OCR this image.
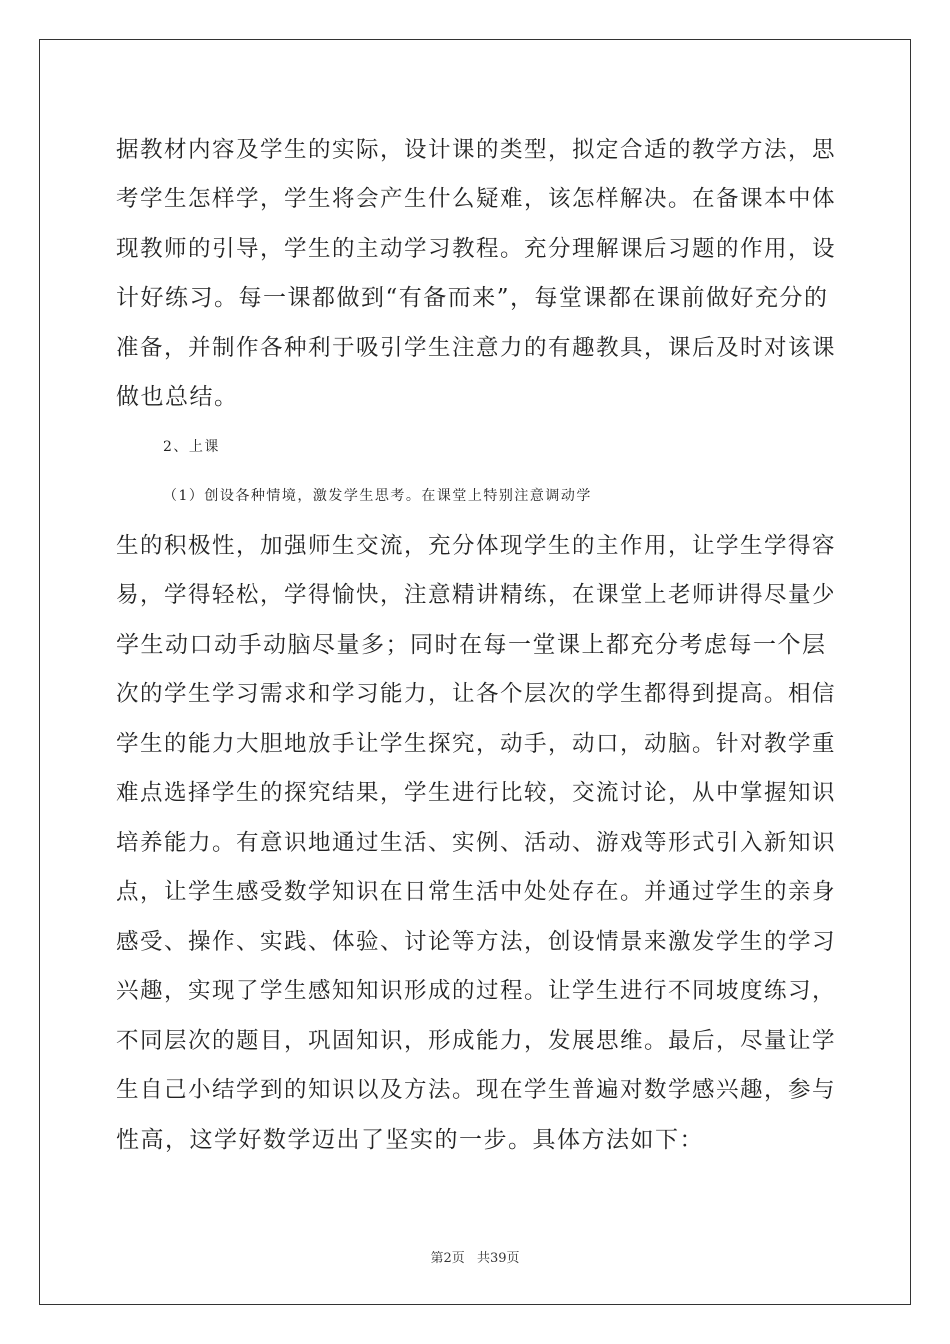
据教材内容及学生的实际，设计课的类型，拟定合适的教学方法，思
考学生怎样学，学生将会产生什么疑难，该怎样解决。在备课本中体
现教师的引导，学生的主动学习教程。充分理解课后习题的作用，设
计好练习。每一课都做到“有备而来”，每堂课都在课前做好充分的
准备，并制作各种利于吸引学生注意力的有趣教具，课后及时对该课
做也总结。
2、上课
（1）创设各种情境，激发学生思考。在课堂上特别注意调动学
生的积极性，加强师生交流，充分体现学生的主作用，让学生学得容
易，学得轻松，学得愉快，注意精讲精练，在课堂上老师讲得尽量少
学生动口动手动脑尽量多；同时在每一堂课上都充分考虑每一个层
次的学生学习需求和学习能力，让各个层次的学生都得到提高。相信
学生的能力大胆地放手让学生探究，动手，动口，动脑。针对教学重
难点选择学生的探究结果，学生进行比较，交流讨论，从中掌握知识
培养能力。有意识地通过生活、实例、活动、游戏等形式引入新知识
点，让学生感受数学知识在日常生活中处处存在。并通过学生的亲身
感受、操作、实践、体验、讨论等方法，创设情景来激发学生的学习
兴趣，实现了学生感知知识形成的过程。让学生进行不同坡度练习，
不同层次的题目，巩固知识，形成能力，发展思维。最后，尽量让学
生自己小结学到的知识以及方法。现在学生普遍对数学感兴趣，参与
性高，这学好数学迈出了坚实的一步。具体方法如下：
第2页 共39页
